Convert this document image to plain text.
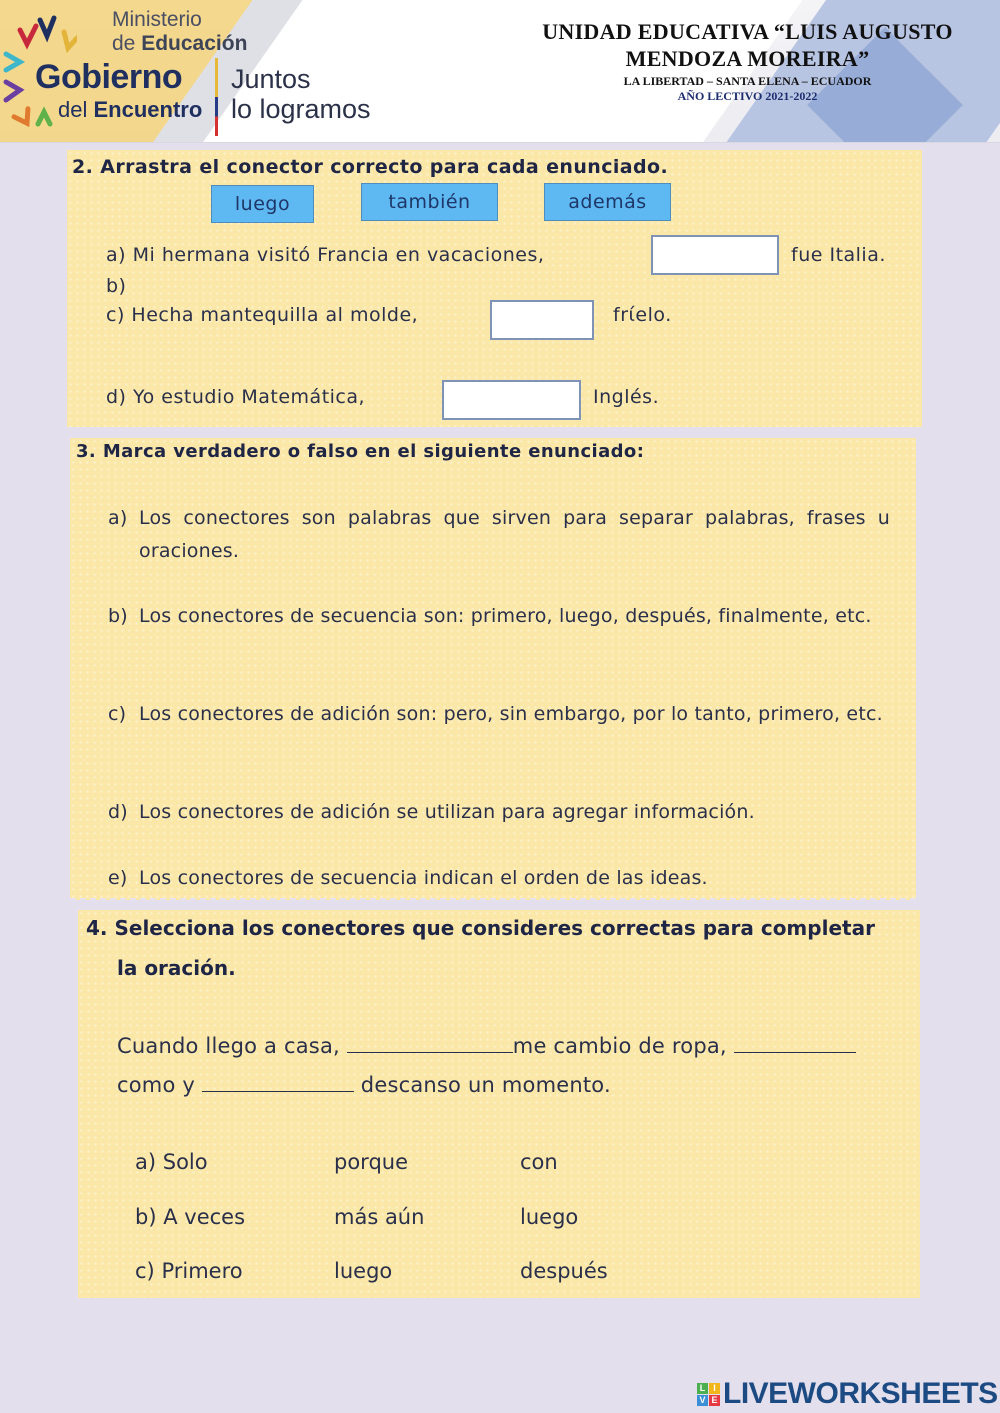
Ministerio
de Educación
Gobierno
del Encuentro
Juntos
lo logramos
UNIDAD EDUCATIVA “LUIS AUGUSTO
MENDOZA MOREIRA”
LA LIBERTAD – SANTA ELENA – ECUADOR
AÑO LECTIVO 2021-2022
2. Arrastra el conector correcto para cada enunciado.
luego	también	además
a) Mi hermana visitó Francia en vacaciones,	fue Italia.
b)
c) Hecha mantequilla al molde,	frίelo.
d) Yo estudio Matemática,	Inglés.
3. Marca verdadero o falso en el siguiente enunciado:
a) Los conectores son palabras que sirven para separar palabras, frases u oraciones.
b) Los conectores de secuencia son: primero, luego, después, finalmente, etc.
c) Los conectores de adición son: pero, sin embargo, por lo tanto, primero, etc.
d) Los conectores de adición se utilizan para agregar información.
e) Los conectores de secuencia indican el orden de las ideas.
4. Selecciona los conectores que consideres correctas para completar
la oración.
Cuando llego a casa,	me cambio de ropa,
como y	descanso un momento.
a) Solo	porque	con
b) A veces	más aún	luego
c) Primero	luego	después
L I
V E LIVEWORKSHEETS
